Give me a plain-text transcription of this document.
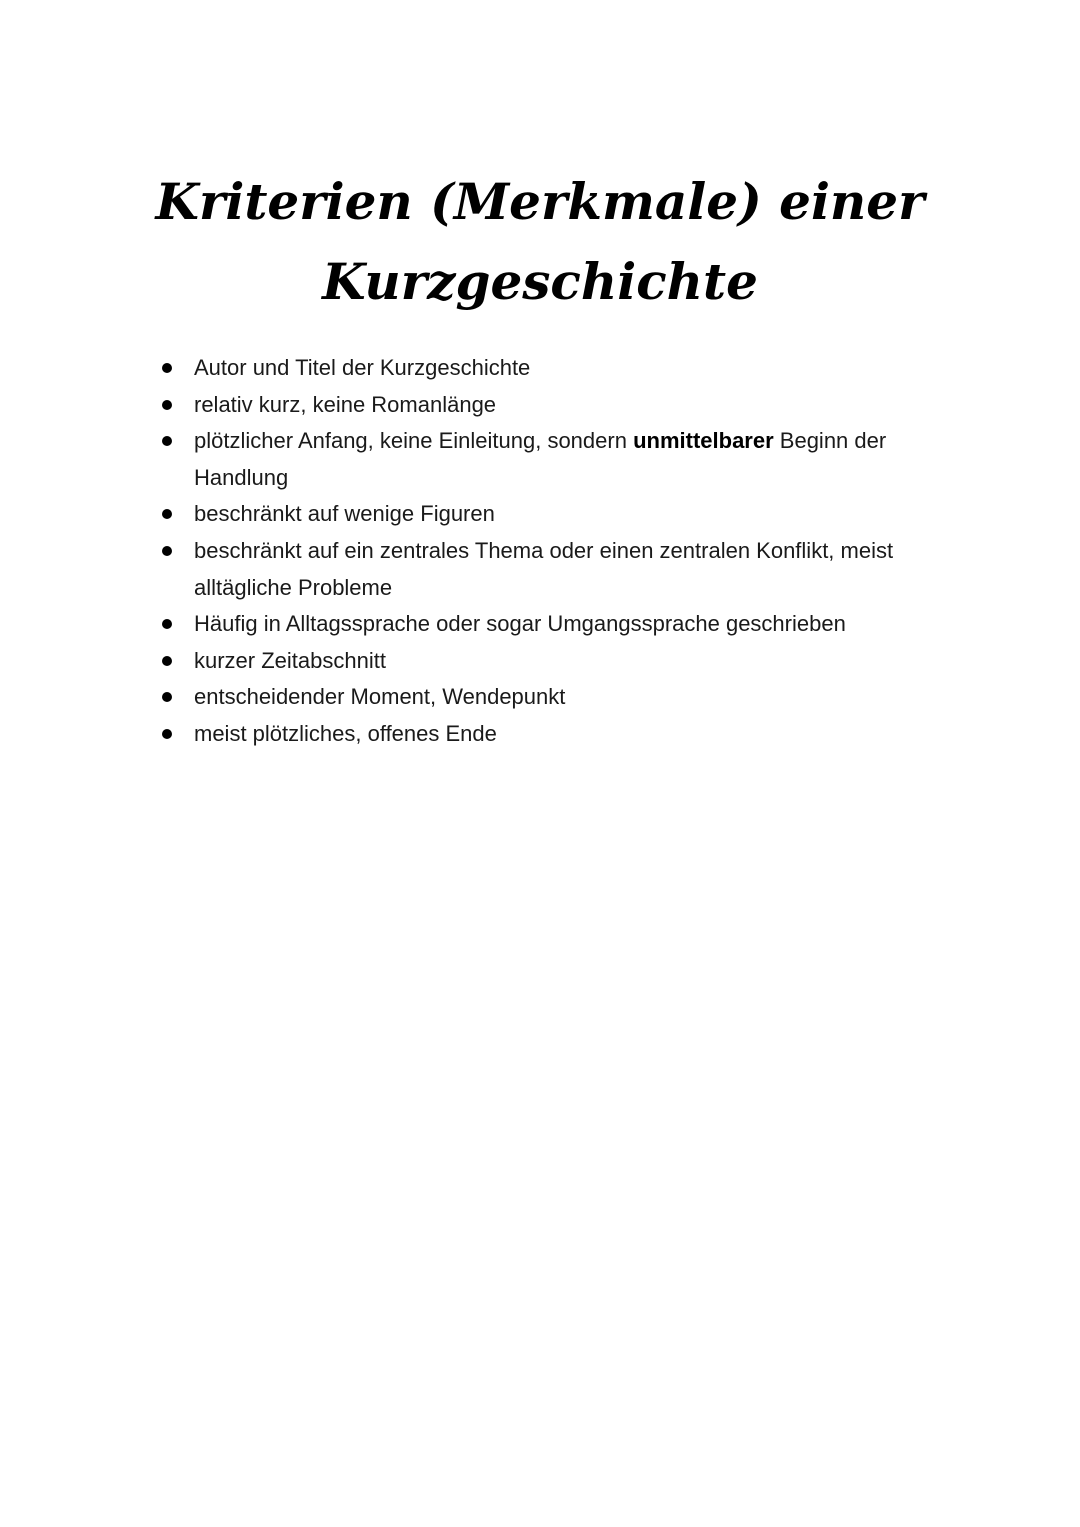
Kriterien (Merkmale) einer
Kurzgeschichte
Autor und Titel der Kurzgeschichte
relativ kurz, keine Romanlänge
plötzlicher Anfang, keine Einleitung, sondern unmittelbarer Beginn der Handlung
beschränkt auf wenige Figuren
beschränkt auf ein zentrales Thema oder einen zentralen Konflikt, meist alltägliche Probleme
Häufig in Alltagssprache oder sogar Umgangssprache geschrieben
kurzer Zeitabschnitt
entscheidender Moment, Wendepunkt
meist plötzliches, offenes Ende
